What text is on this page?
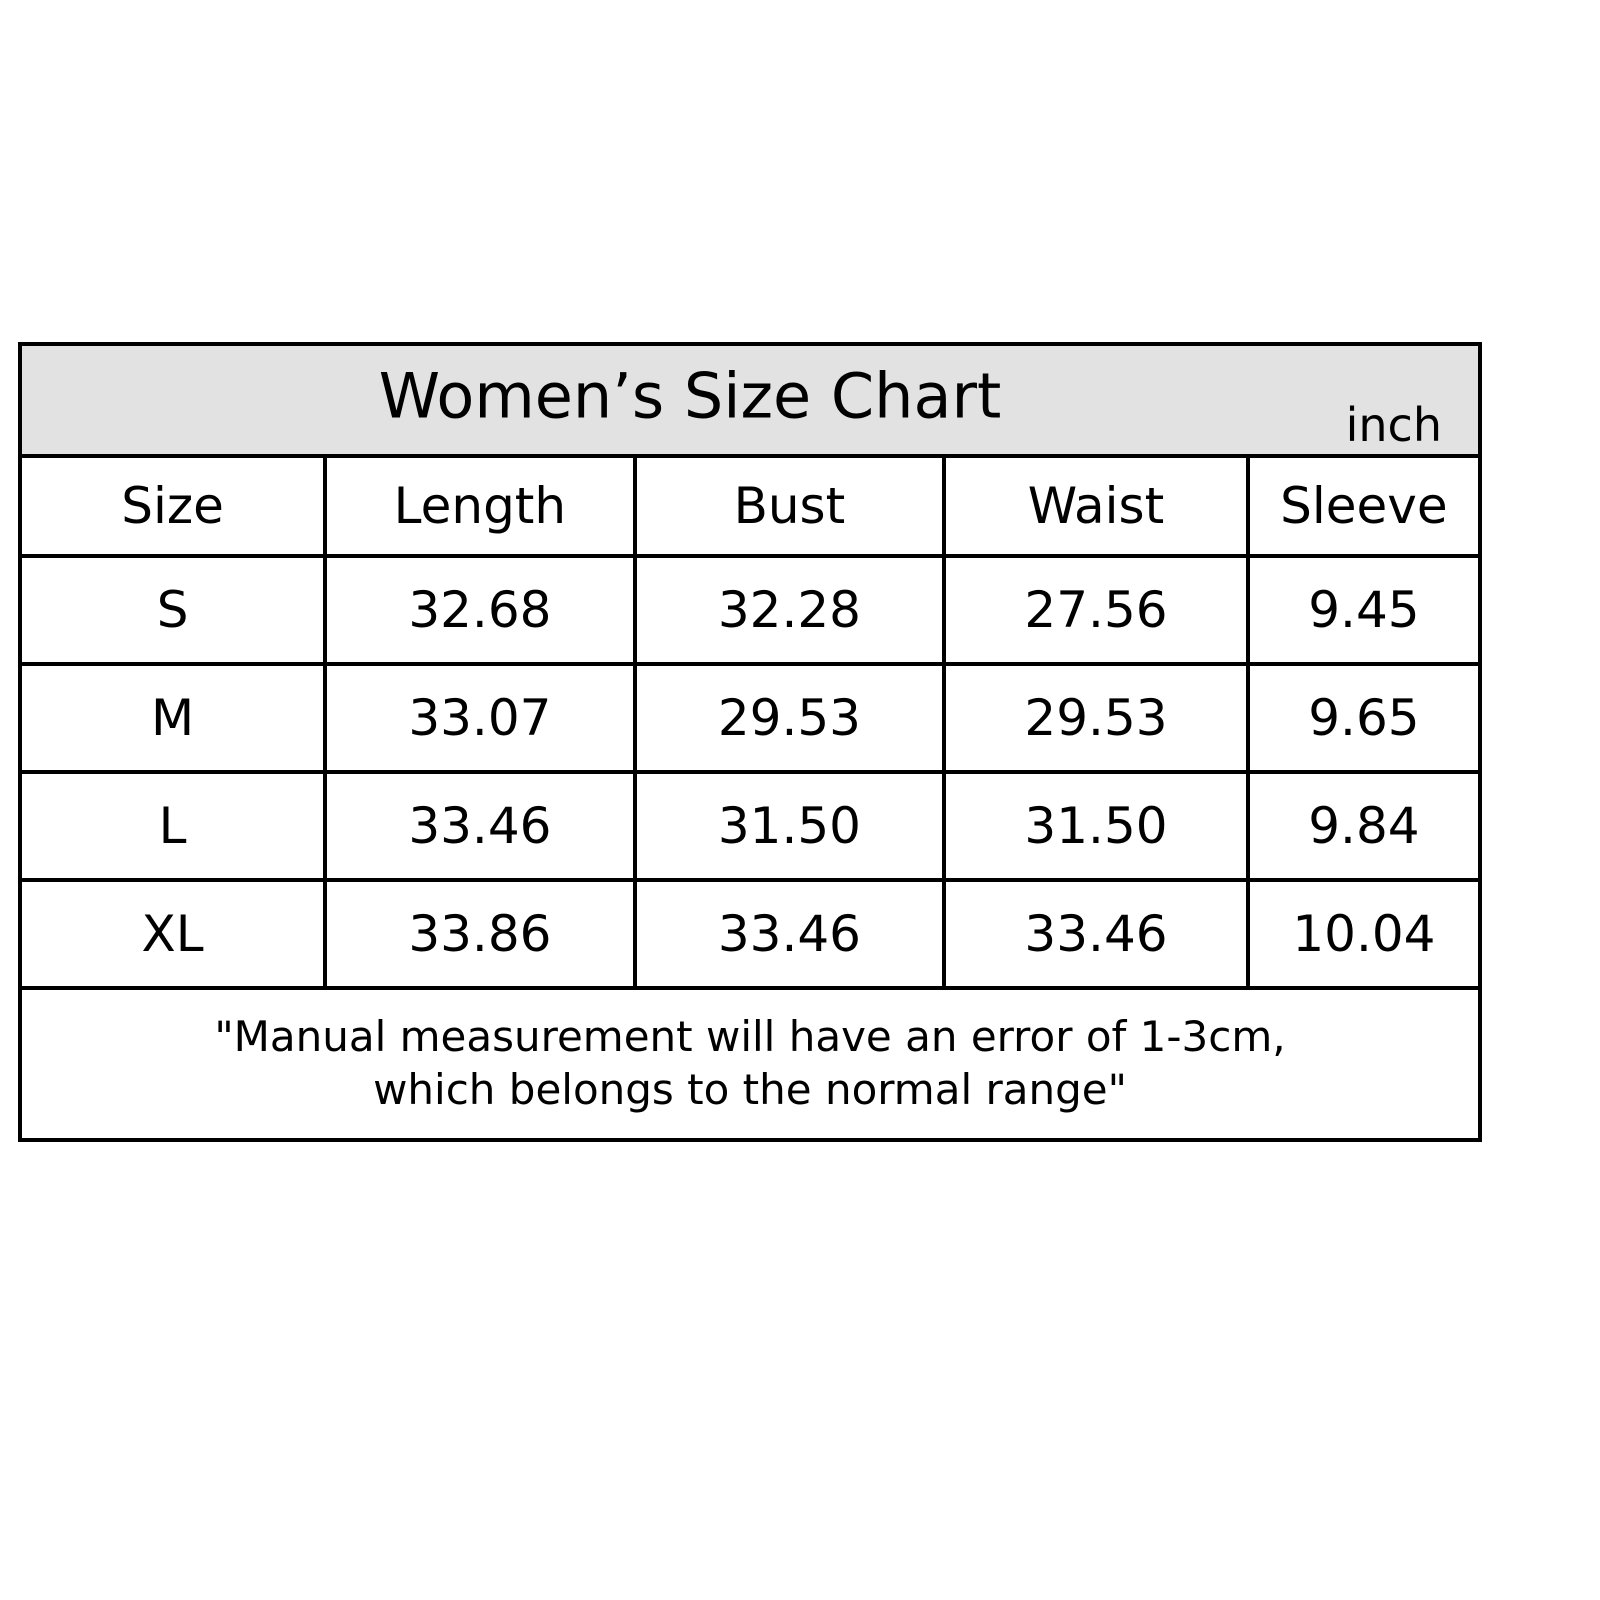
Women’s Size Chart inch				

Size	Length	Bust	Waist	Sleeve
S	32.68	32.28	27.56	9.45
M	33.07	29.53	29.53	9.65
L	33.46	31.50	31.50	9.84
XL	33.86	33.46	33.46	10.04

"Manual measurement will have an error of 1-3cm,
which belongs to the normal range"				
